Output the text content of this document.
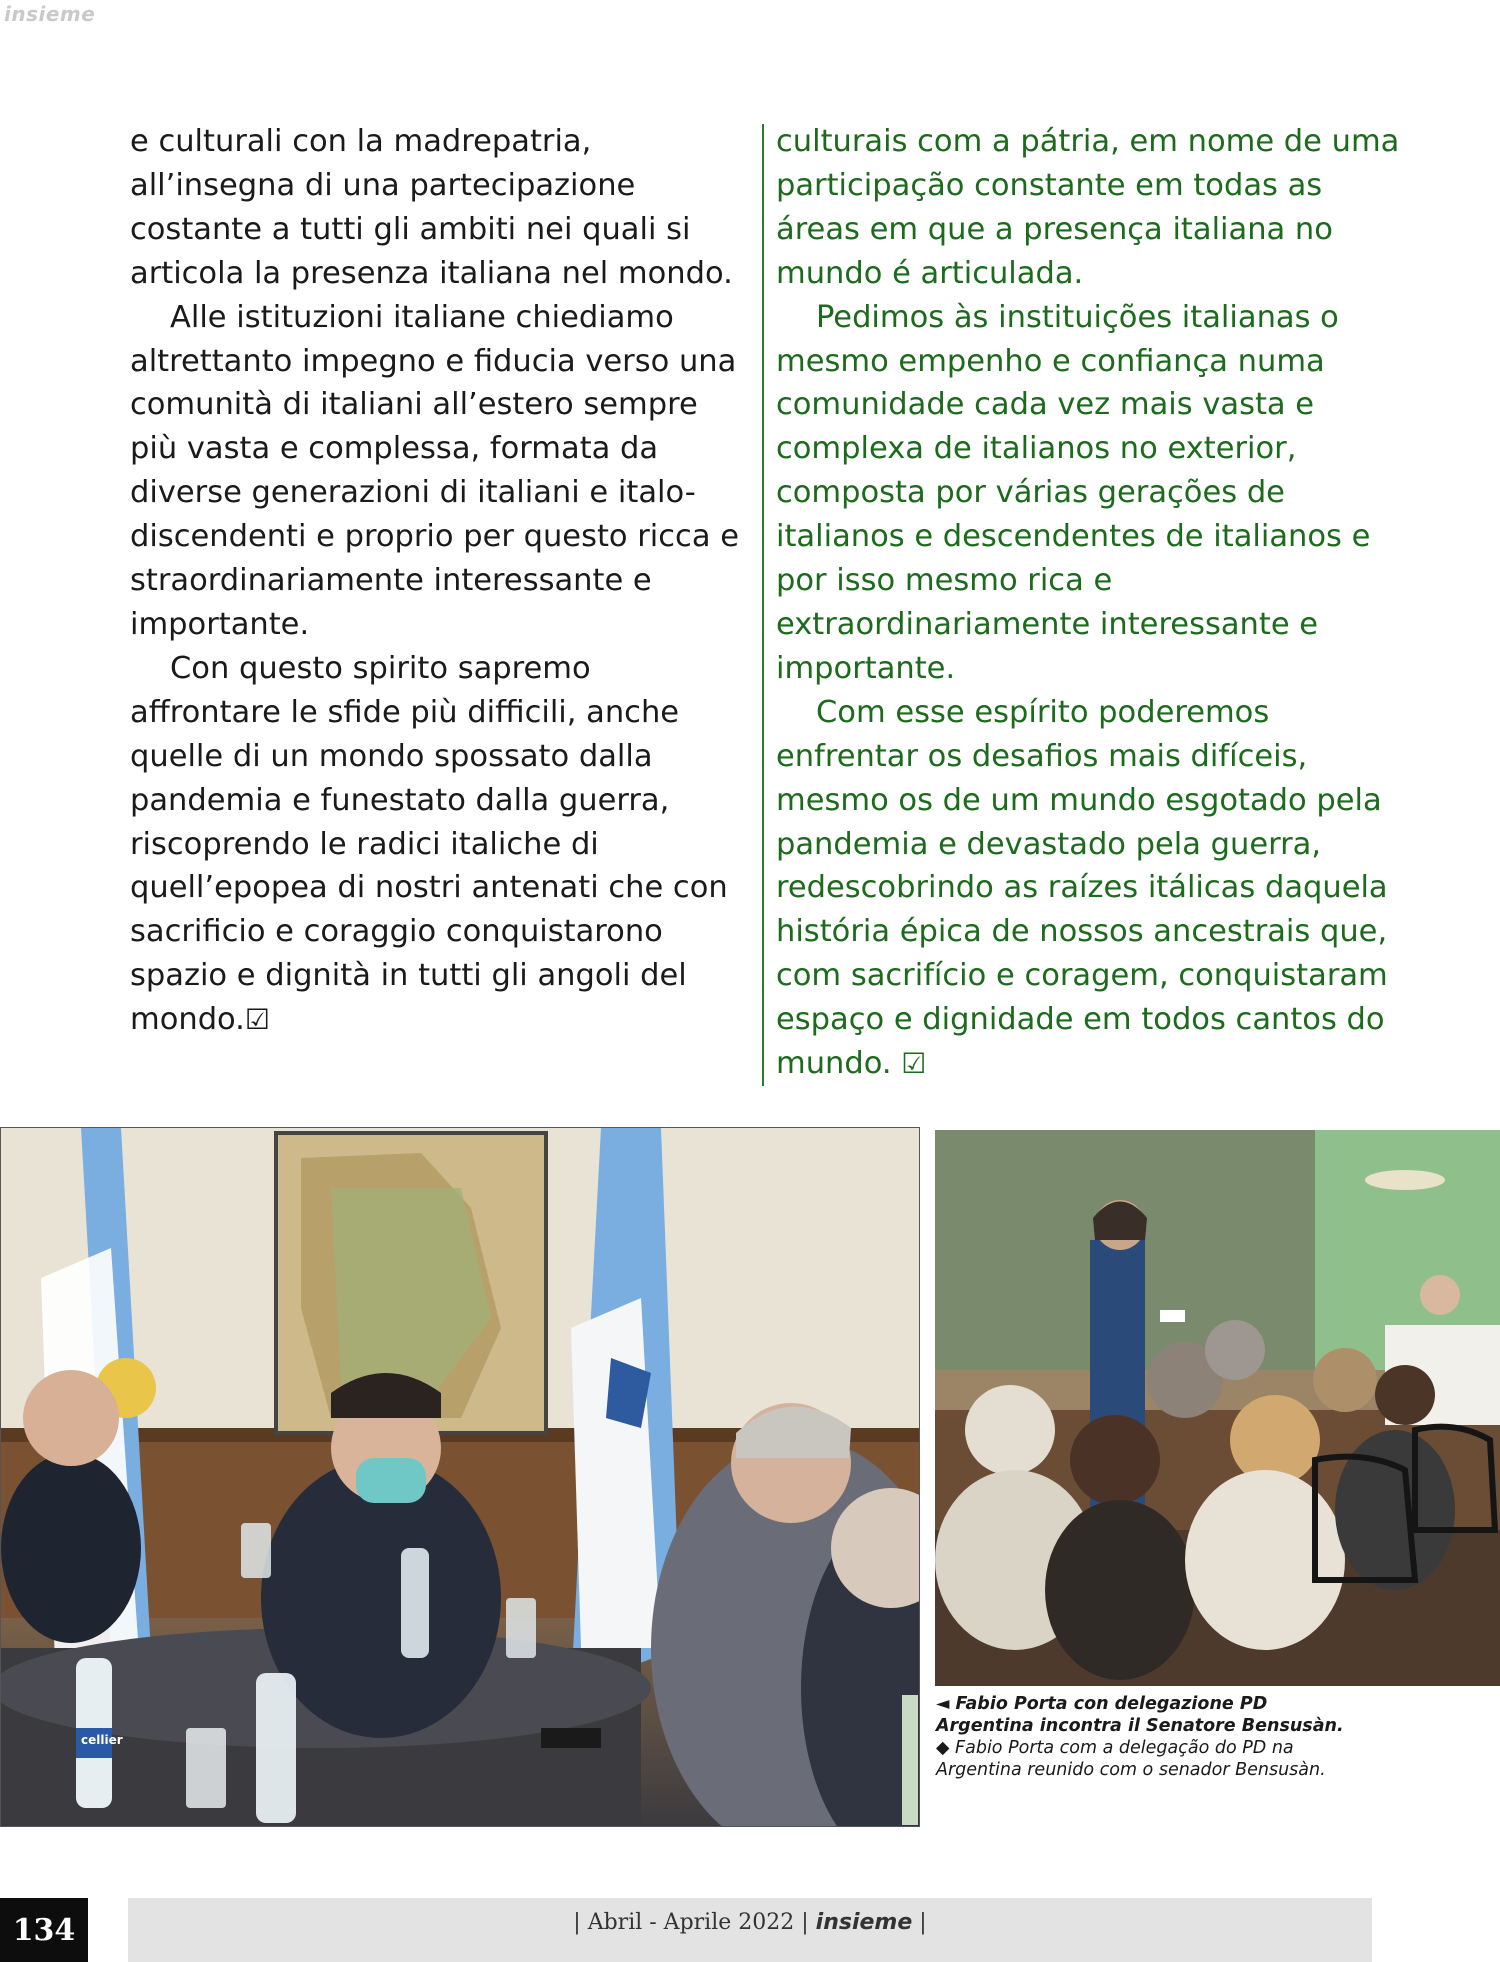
insieme

e culturali con la madrepatria, all’insegna di una partecipazione costante a tutti gli ambiti nei quali si articola la presenza italiana nel mondo.

Alle istituzioni italiane chiediamo altrettanto impegno e fiducia verso una comunità di italiani all’estero sempre più vasta e complessa, formata da diverse generazioni di italiani e italo-discendenti e proprio per questo ricca e straordinariamente interessante e importante.

Con questo spirito sapremo affrontare le sfide più difficili, anche quelle di un mondo spossato dalla pandemia e funestato dalla guerra, riscoprendo le radici italiche di quell’epopea di nostri antenati che con sacrificio e coraggio conquistarono spazio e dignità in tutti gli angoli del mondo.☑

culturais com a pátria, em nome de uma participação constante em todas as áreas em que a presença italiana no mundo é articulada.

Pedimos às instituições italianas o mesmo empenho e confiança numa comunidade cada vez mais vasta e complexa de italianos no exterior, composta por várias gerações de italianos e descendentes de italianos e por isso mesmo rica e extraordinariamente interessante e importante.

Com esse espírito poderemos enfrentar os desafios mais difíceis, mesmo os de um mundo esgotado pela pandemia e devastado pela guerra, redescobrindo as raízes itálicas daquela história épica de nossos ancestrais que, com sacrifício e coragem, conquistaram espaço e dignidade em todos cantos do mundo. ☑

cellier
◄ Fabio Porta con delegazione PD Argentina incontra il Senatore Bensusàn. ◆ Fabio Porta com a delegação do PD na Argentina reunido com o senador Bensusàn.
134	| Abril - Aprile 2022 | insieme |
